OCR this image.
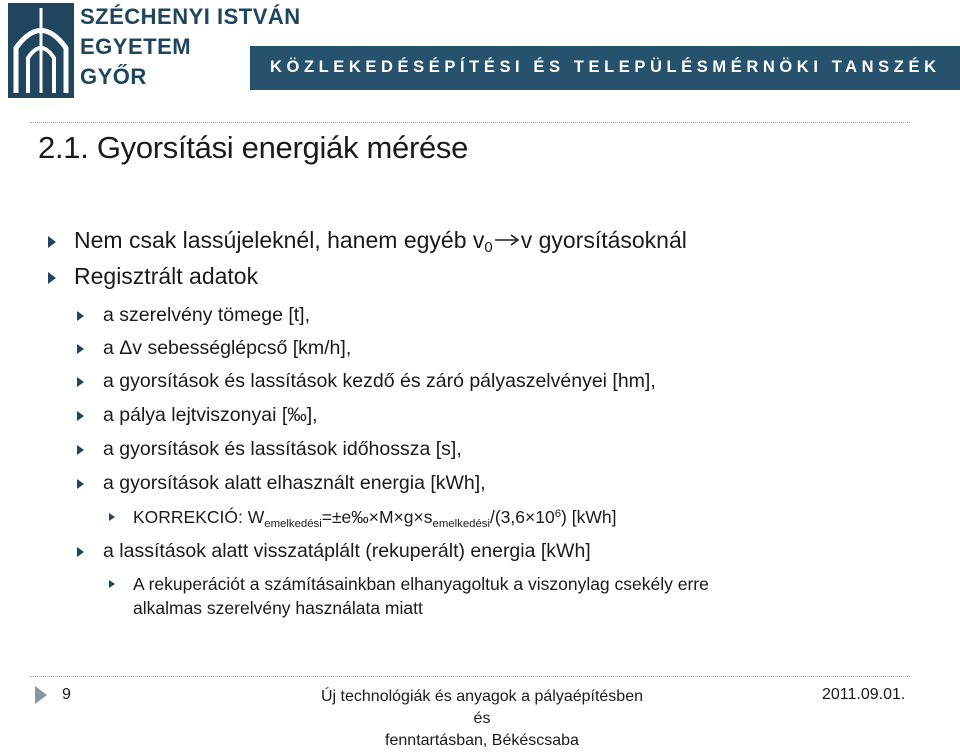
SZÉCHENYI ISTVÁN
EGYETEM
GYŐR	KÖZLEKEDÉSÉPÍTÉSI ÉS TELEPÜLÉSMÉRNÖKI TANSZÉK
2.1. Gyorsítási energiák mérése
Nem csak lassújeleknél, hanem egyéb $v_0$ v gyorsításoknál
Regisztrált adatok
a szerelvény tömege [t],
a Δv sebességlépcső [km/h],
a gyorsítások és lassítások kezdő és záró pályaszelvényei [hm],
a pálya lejtviszonyai [‰],
a gyorsítások és lassítások időhossza [s],
a gyorsítások alatt elhasznált energia [kWh],
KORREKCIÓ: $W_{emelkedési}=\pm e‰\times M\times g\times s_{emelkedési}/(3,6\times 10^6)$ [kWh]
a lassítások alatt visszatáplált (rekuperált) energia [kWh]
A rekuperációt a számításainkban elhanyagoltuk a viszonylag csekély erre
alkalmas szerelvény használata miatt
9	Új technológiák és anyagok a pályaépítésben és
fenntartásban, Békéscsaba
2011.09.01.
